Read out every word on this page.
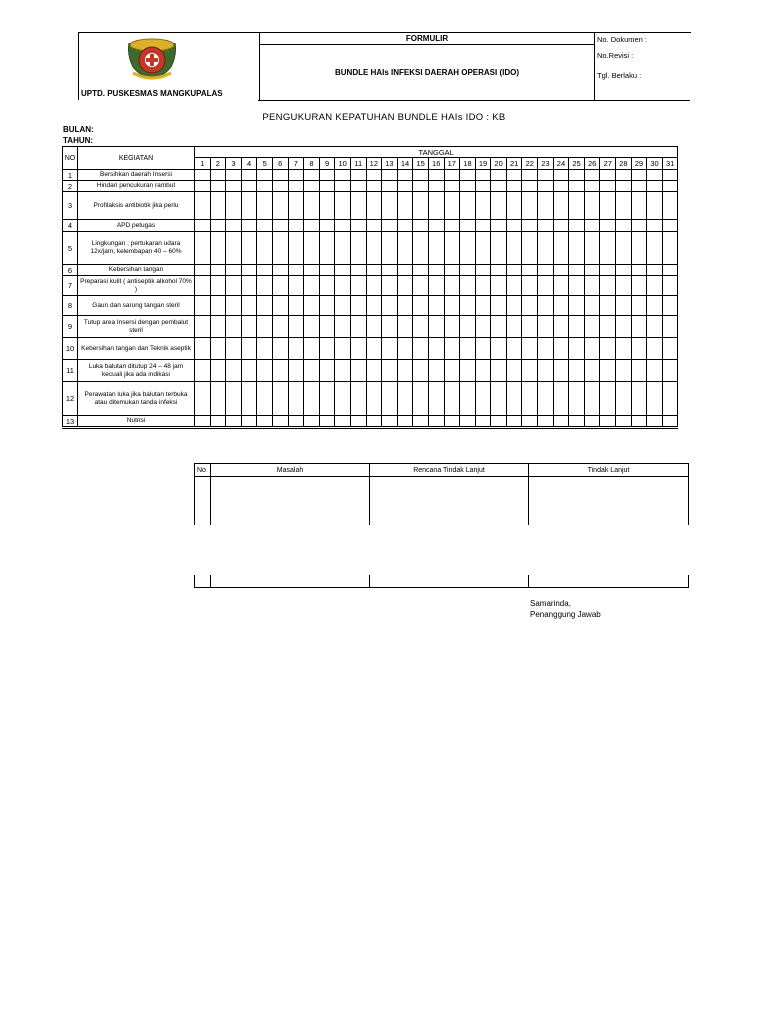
UPTD. PUSKESMAS MANGKUPALAS
	FORMULIR	No. Dokumen :
No.Revisi :
Tgl. Berlaku :

BUNDLE HAIs INFEKSI DAERAH OPERASI (IDO)
PENGUKURAN KEPATUHAN BUNDLE HAIs IDO : KB
BULAN:
TAHUN:
NO	KEGIATAN	TANGGAL																														
		1	2	3	4	5	6	7	8	9	10	11	12	13	14	15	16	17	18	19	20	21	22	23	24	25	26	27	28	29	30	31
1	Bersihkan daerah Insersi																															
2	Hindari pencukuran rambut																															
3	Profilaksis antibiotik jika perlu																															
4	APD petugas																															
5	Lingkungan ; pertukaran udara 12x/jam, kelembapan 40 – 60%																															
6	Kebersihan tangan																															
7	Preparasi kulit ( antiseptik alkohol 70% )																															
8	Gaun dan sarung tangan steril																															
9	Tutup area Insersi dengan pembalut steril																															
10	Kebersihan tangan dan Teknik aseptik																															
11	Luka balutan ditutup 24 – 48 jam kecuali jika ada indikasi																															
12	Perawatan luka jika balutan terbuka atau ditemukan tanda infeksi																															
13	Nutrisi																															
No	Masalah	Rencana Tindak Lanjut	Tindak Lanjut

Samarinda,
Penanggung Jawab
